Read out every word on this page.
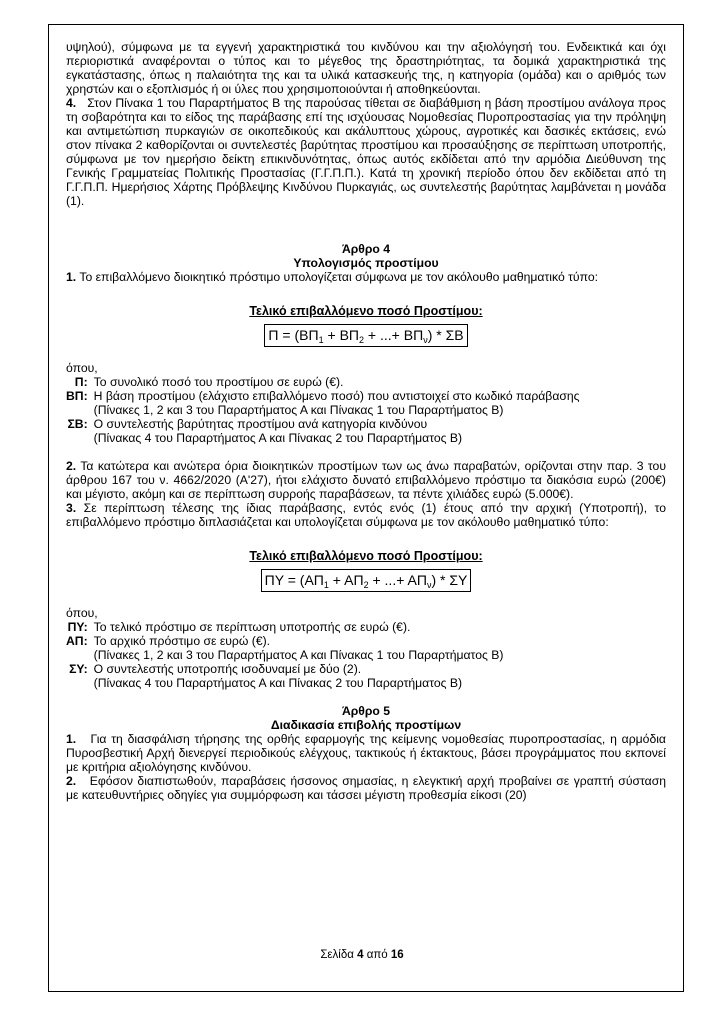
υψηλού), σύμφωνα με τα εγγενή χαρακτηριστικά του κινδύνου και την αξιολόγησή του. Ενδεικτικά και όχι περιοριστικά αναφέρονται ο τύπος και το μέγεθος της δραστηριότητας, τα δομικά χαρακτηριστικά της εγκατάστασης, όπως η παλαιότητα της και τα υλικά κατασκευής της, η κατηγορία (ομάδα) και ο αριθμός των χρηστών και ο εξοπλισμός ή οι ύλες που χρησιμοποιούνται ή αποθηκεύονται.

4. Στον Πίνακα 1 του Παραρτήματος Β της παρούσας τίθεται σε διαβάθμιση η βάση προστίμου ανάλογα προς τη σοβαρότητα και το είδος της παράβασης επί της ισχύουσας Νομοθεσίας Πυροπροστασίας για την πρόληψη και αντιμετώπιση πυρκαγιών σε οικοπεδικούς και ακάλυπτους χώρους, αγροτικές και δασικές εκτάσεις, ενώ στον πίνακα 2 καθορίζονται οι συντελεστές βαρύτητας προστίμου και προσαύξησης σε περίπτωση υποτροπής, σύμφωνα με τον ημερήσιο δείκτη επικινδυνότητας, όπως αυτός εκδίδεται από την αρμόδια Διεύθυνση της Γενικής Γραμματείας Πολιτικής Προστασίας (Γ.Γ.Π.Π.). Κατά τη χρονική περίοδο όπου δεν εκδίδεται από τη Γ.Γ.Π.Π. Ημερήσιος Χάρτης Πρόβλεψης Κινδύνου Πυρκαγιάς, ως συντελεστής βαρύτητας λαμβάνεται η μονάδα (1).

Άρθρο 4

Υπολογισμός προστίμου

1. Το επιβαλλόμενο διοικητικό πρόστιμο υπολογίζεται σύμφωνα με τον ακόλουθο μαθηματικό τύπο:

Τελικό επιβαλλόμενο ποσό Προστίμου:

$\Pi = (B\Pi_1 + B\Pi_2$ + ...+ $B\Pi_\nu$) * ΣΒ

όπου,

Π:	Το συνολικό ποσό του προστίμου σε ευρώ (€).

ΒΠ:	Η βάση προστίμου (ελάχιστο επιβαλλόμενο ποσό) που αντιστοιχεί στο κωδικό παράβασης
(Πίνακες 1, 2 και 3 του Παραρτήματος Α και Πίνακας 1 του Παραρτήματος Β)

ΣΒ:	Ο συντελεστής βαρύτητας προστίμου ανά κατηγορία κινδύνου
(Πίνακας 4 του Παραρτήματος Α και Πίνακας 2 του Παραρτήματος Β)

2. Τα κατώτερα και ανώτερα όρια διοικητικών προστίμων των ως άνω παραβατών, ορίζονται στην παρ. 3 του άρθρου 167 του ν. 4662/2020 (Α'27), ήτοι ελάχιστο δυνατό επιβαλλόμενο πρόστιμο τα διακόσια ευρώ (200€) και μέγιστο, ακόμη και σε περίπτωση συρροής παραβάσεων, τα πέντε χιλιάδες ευρώ (5.000€).

3. Σε περίπτωση τέλεσης της ίδιας παράβασης, εντός ενός (1) έτους από την αρχική (Υποτροπή), το επιβαλλόμενο πρόστιμο διπλασιάζεται και υπολογίζεται σύμφωνα με τον ακόλουθο μαθηματικό τύπο:

Τελικό επιβαλλόμενο ποσό Προστίμου:

$\Pi\Upsilon = (A\Pi_1 + A\Pi_2$ + ...+ $A\Pi_\nu$) * ΣΥ

όπου,

ΠΥ:	Το τελικό πρόστιμο σε περίπτωση υποτροπής σε ευρώ (€).

ΑΠ:	Το αρχικό πρόστιμο σε ευρώ (€).
(Πίνακες 1, 2 και 3 του Παραρτήματος Α και Πίνακας 1 του Παραρτήματος Β)

ΣΥ:	Ο συντελεστής υποτροπής ισοδυναμεί με δύο (2).
(Πίνακας 4 του Παραρτήματος Α και Πίνακας 2 του Παραρτήματος Β)

Άρθρο 5

Διαδικασία επιβολής προστίμων

1. Για τη διασφάλιση τήρησης της ορθής εφαρμογής της κείμενης νομοθεσίας πυροπροστασίας, η αρμόδια Πυροσβεστική Αρχή διενεργεί περιοδικούς ελέγχους, τακτικούς ή έκτακτους, βάσει προγράμματος που εκπονεί με κριτήρια αξιολόγησης κινδύνου.

2. Εφόσον διαπιστωθούν, παραβάσεις ήσσονος σημασίας, η ελεγκτική αρχή προβαίνει σε γραπτή σύσταση με κατευθυντήριες οδηγίες για συμμόρφωση και τάσσει μέγιστη προθεσμία είκοσι (20)

Σελίδα 4 από 16
